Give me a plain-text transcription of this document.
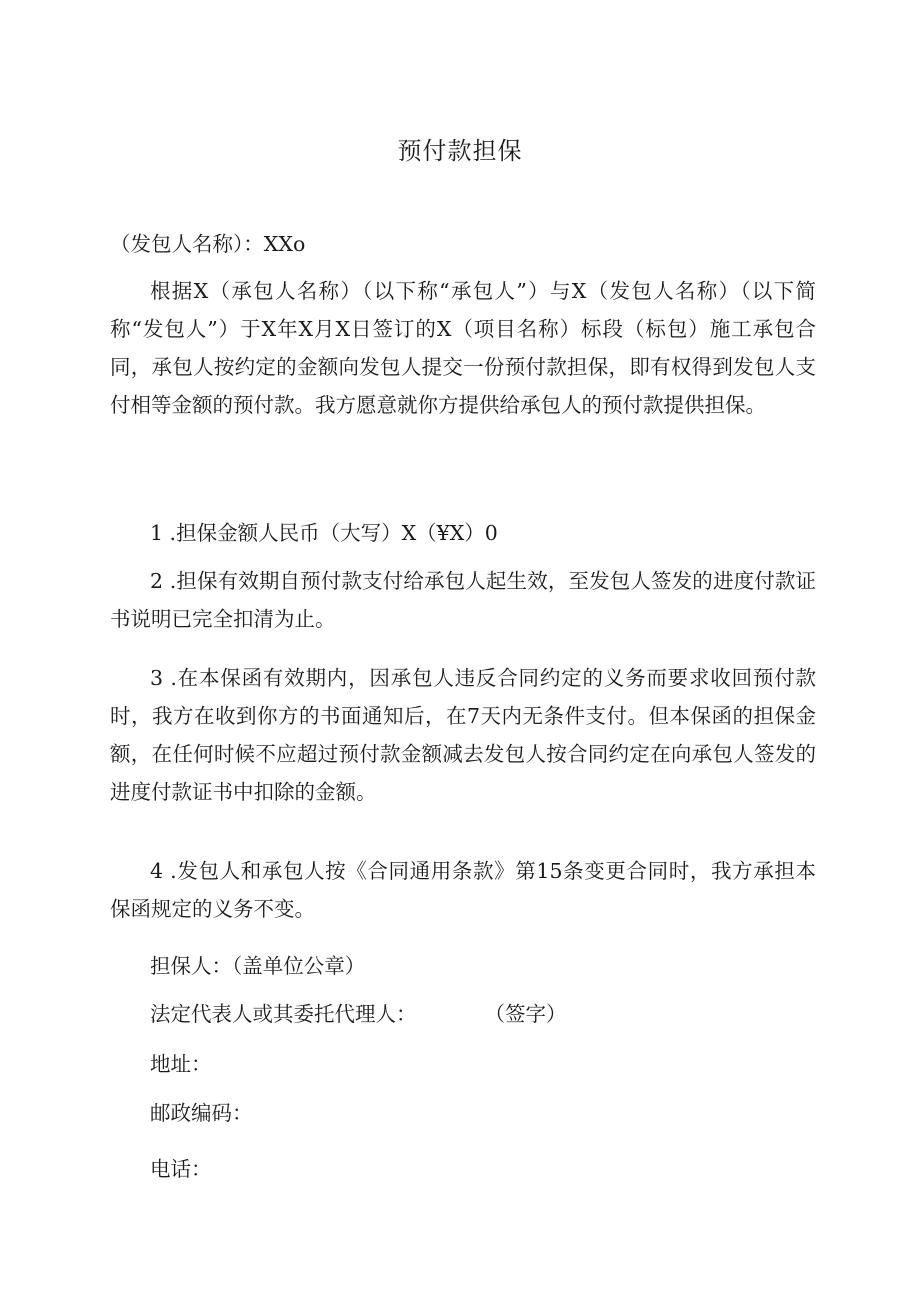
预付款担保
（发包人名称）：XXo

根据X（承包人名称）（以下称“承包人”）与X（发包人名称）（以下简称“发包人”）于X年X月X日签订的X（项目名称）标段（标包）施工承包合同，承包人按约定的金额向发包人提交一份预付款担保，即有权得到发包人支付相等金额的预付款。我方愿意就你方提供给承包人的预付款提供担保。

1 .担保金额人民币（大写）X（¥X）0

2 .担保有效期自预付款支付给承包人起生效，至发包人签发的进度付款证书说明已完全扣清为止。

3 .在本保函有效期内，因承包人违反合同约定的义务而要求收回预付款时，我方在收到你方的书面通知后，在7天内无条件支付。但本保函的担保金额，在任何时候不应超过预付款金额减去发包人按合同约定在向承包人签发的进度付款证书中扣除的金额。

4 .发包人和承包人按《合同通用条款》第15条变更合同时，我方承担本保函规定的义务不变。

担保人：（盖单位公章）
法定代表人或其委托代理人：	（签字）
地址：
邮政编码：
电话：
